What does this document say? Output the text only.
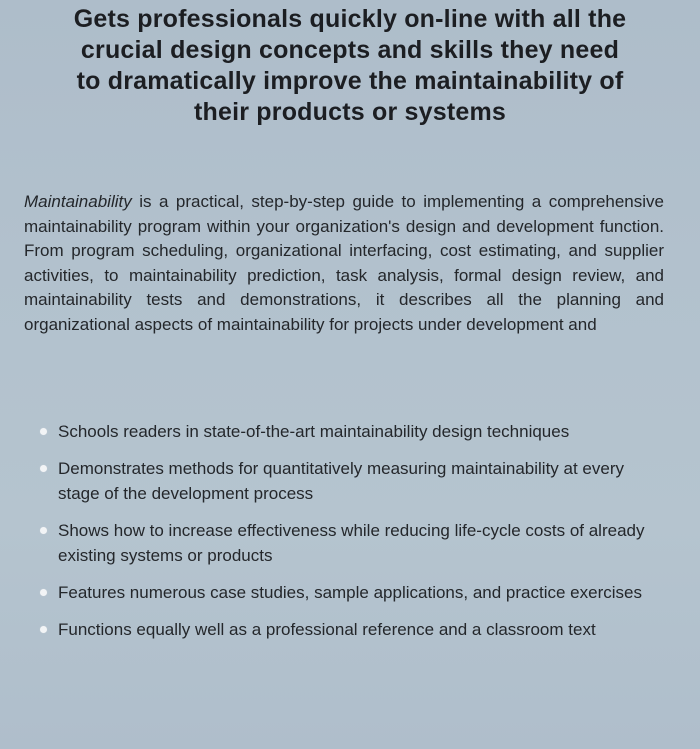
Gets professionals quickly on-line with all the
crucial design concepts and skills they need
to dramatically improve the maintainability of
their products or systems

Maintainability is a practical, step-by-step guide to implementing a comprehensive maintainability program within your organization's design and development function. From program scheduling, organizational interfacing, cost estimating, and supplier activities, to maintainability prediction, task analysis, formal design review, and maintainability tests and demonstrations, it describes all the planning and organizational aspects of maintainability for projects under development and

Schools readers in state-of-the-art maintainability design techniques
Demonstrates methods for quantitatively measuring maintainability at every stage of the development process
Shows how to increase effectiveness while reducing life-cycle costs of already existing systems or products
Features numerous case studies, sample applications, and practice exercises
Functions equally well as a professional reference and a classroom text
